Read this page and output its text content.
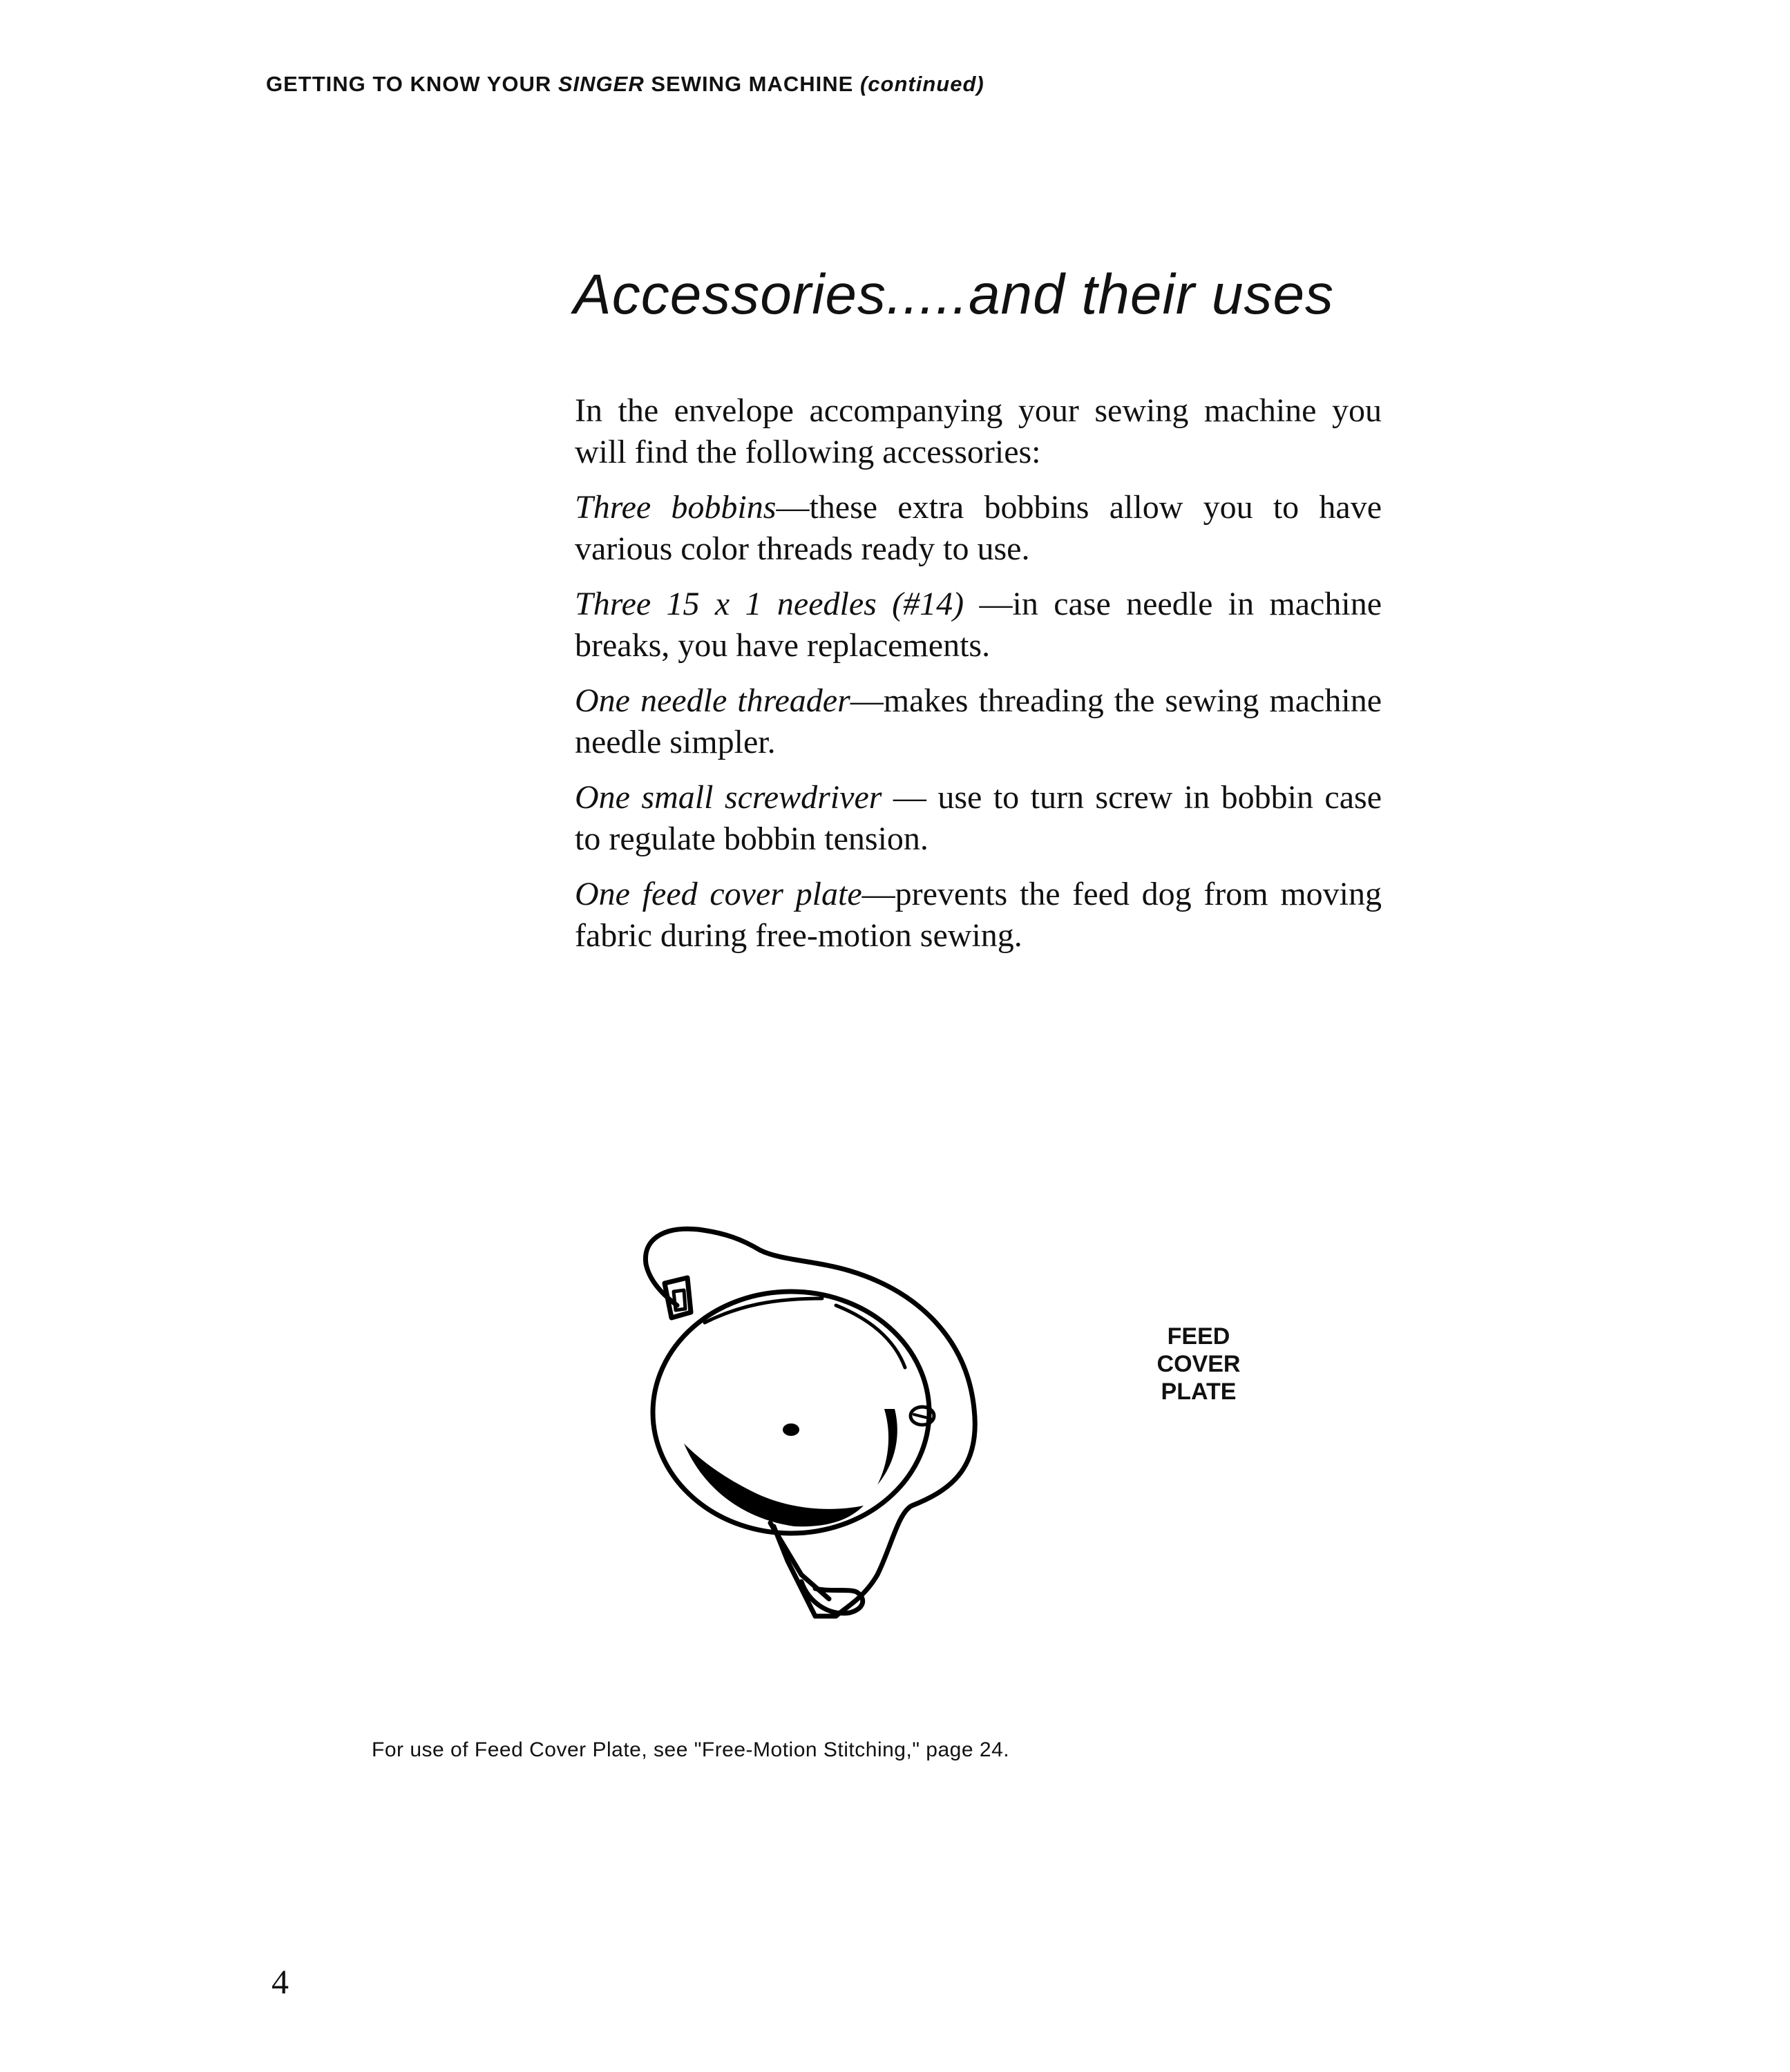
GETTING TO KNOW YOUR SINGER SEWING MACHINE (continued)
Accessories.....and their uses
In the envelope accompanying your sewing machine you will find the following accessories:
Three bobbins—these extra bobbins allow you to have various color threads ready to use.
Three 15 x 1 needles (#14) —in case needle in machine breaks, you have replacements.
One needle threader—makes threading the sewing machine needle simpler.
One small screwdriver — use to turn screw in bobbin case to regulate bobbin tension.
One feed cover plate—prevents the feed dog from moving fabric during free-motion sewing.
FEED
COVER
PLATE
For use of Feed Cover Plate, see "Free-Motion Stitching," page 24.
4
